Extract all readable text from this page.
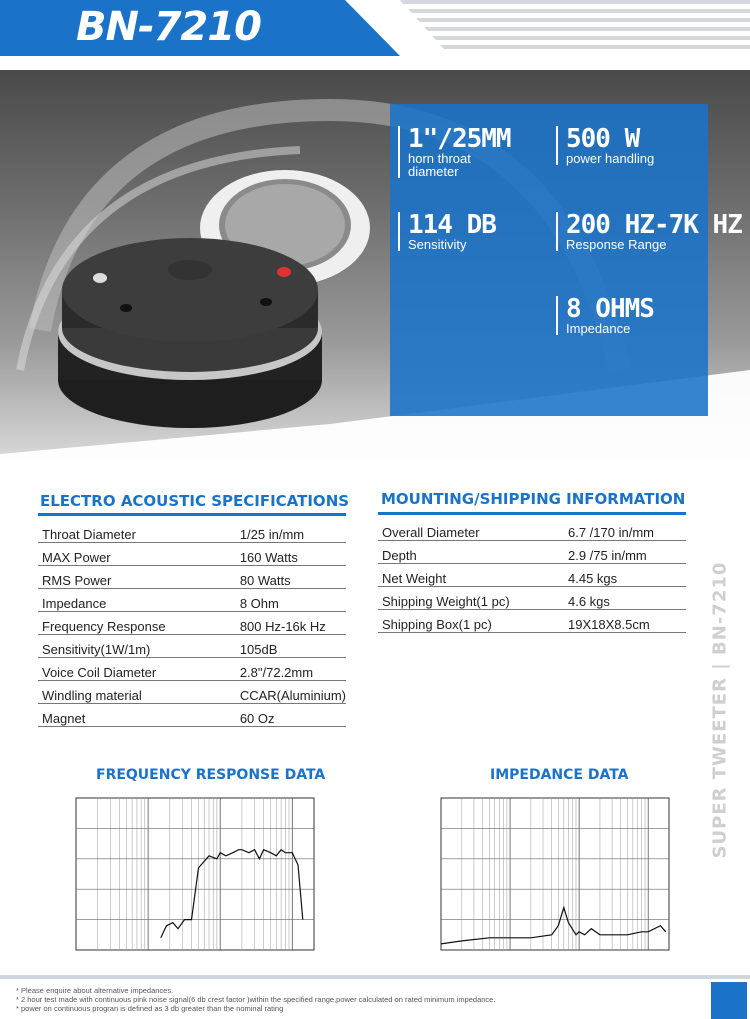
BN-7210
1"/25MM
horn throat
diameter
500 W
power handling
114 DB
Sensitivity
200 HZ-7K HZ
Response Range
8 OHMS
Impedance
ELECTRO ACOUSTIC SPECIFICATIONS
Throat Diameter	1/25 in/mm
MAX Power	160 Watts
RMS Power	80 Watts
Impedance	8 Ohm
Frequency Response	800 Hz-16k Hz
Sensitivity(1W/1m)	105dB
Voice Coil Diameter	2.8"/72.2mm
Windling material	CCAR(Aluminium)
Magnet	60 Oz
MOUNTING/SHIPPING INFORMATION
Overall Diameter	6.7 /170 in/mm
Depth	2.9 /75 in/mm
Net Weight	4.45 kgs
Shipping Weight(1 pc)	4.6 kgs
Shipping Box(1 pc)	19X18X8.5cm	SUPER TWEETER | BN-7210
FREQUENCY RESPONSE DATA	IMPEDANCE DATA
* Please enquire about alternative impedances.
* 2 hour test made with continuous pink noise signal(6 db crest factor )within the specified range,power calculated on rated minimum impedance.
* power on continuous progran is defined as 3 db greater than the nominal rating
